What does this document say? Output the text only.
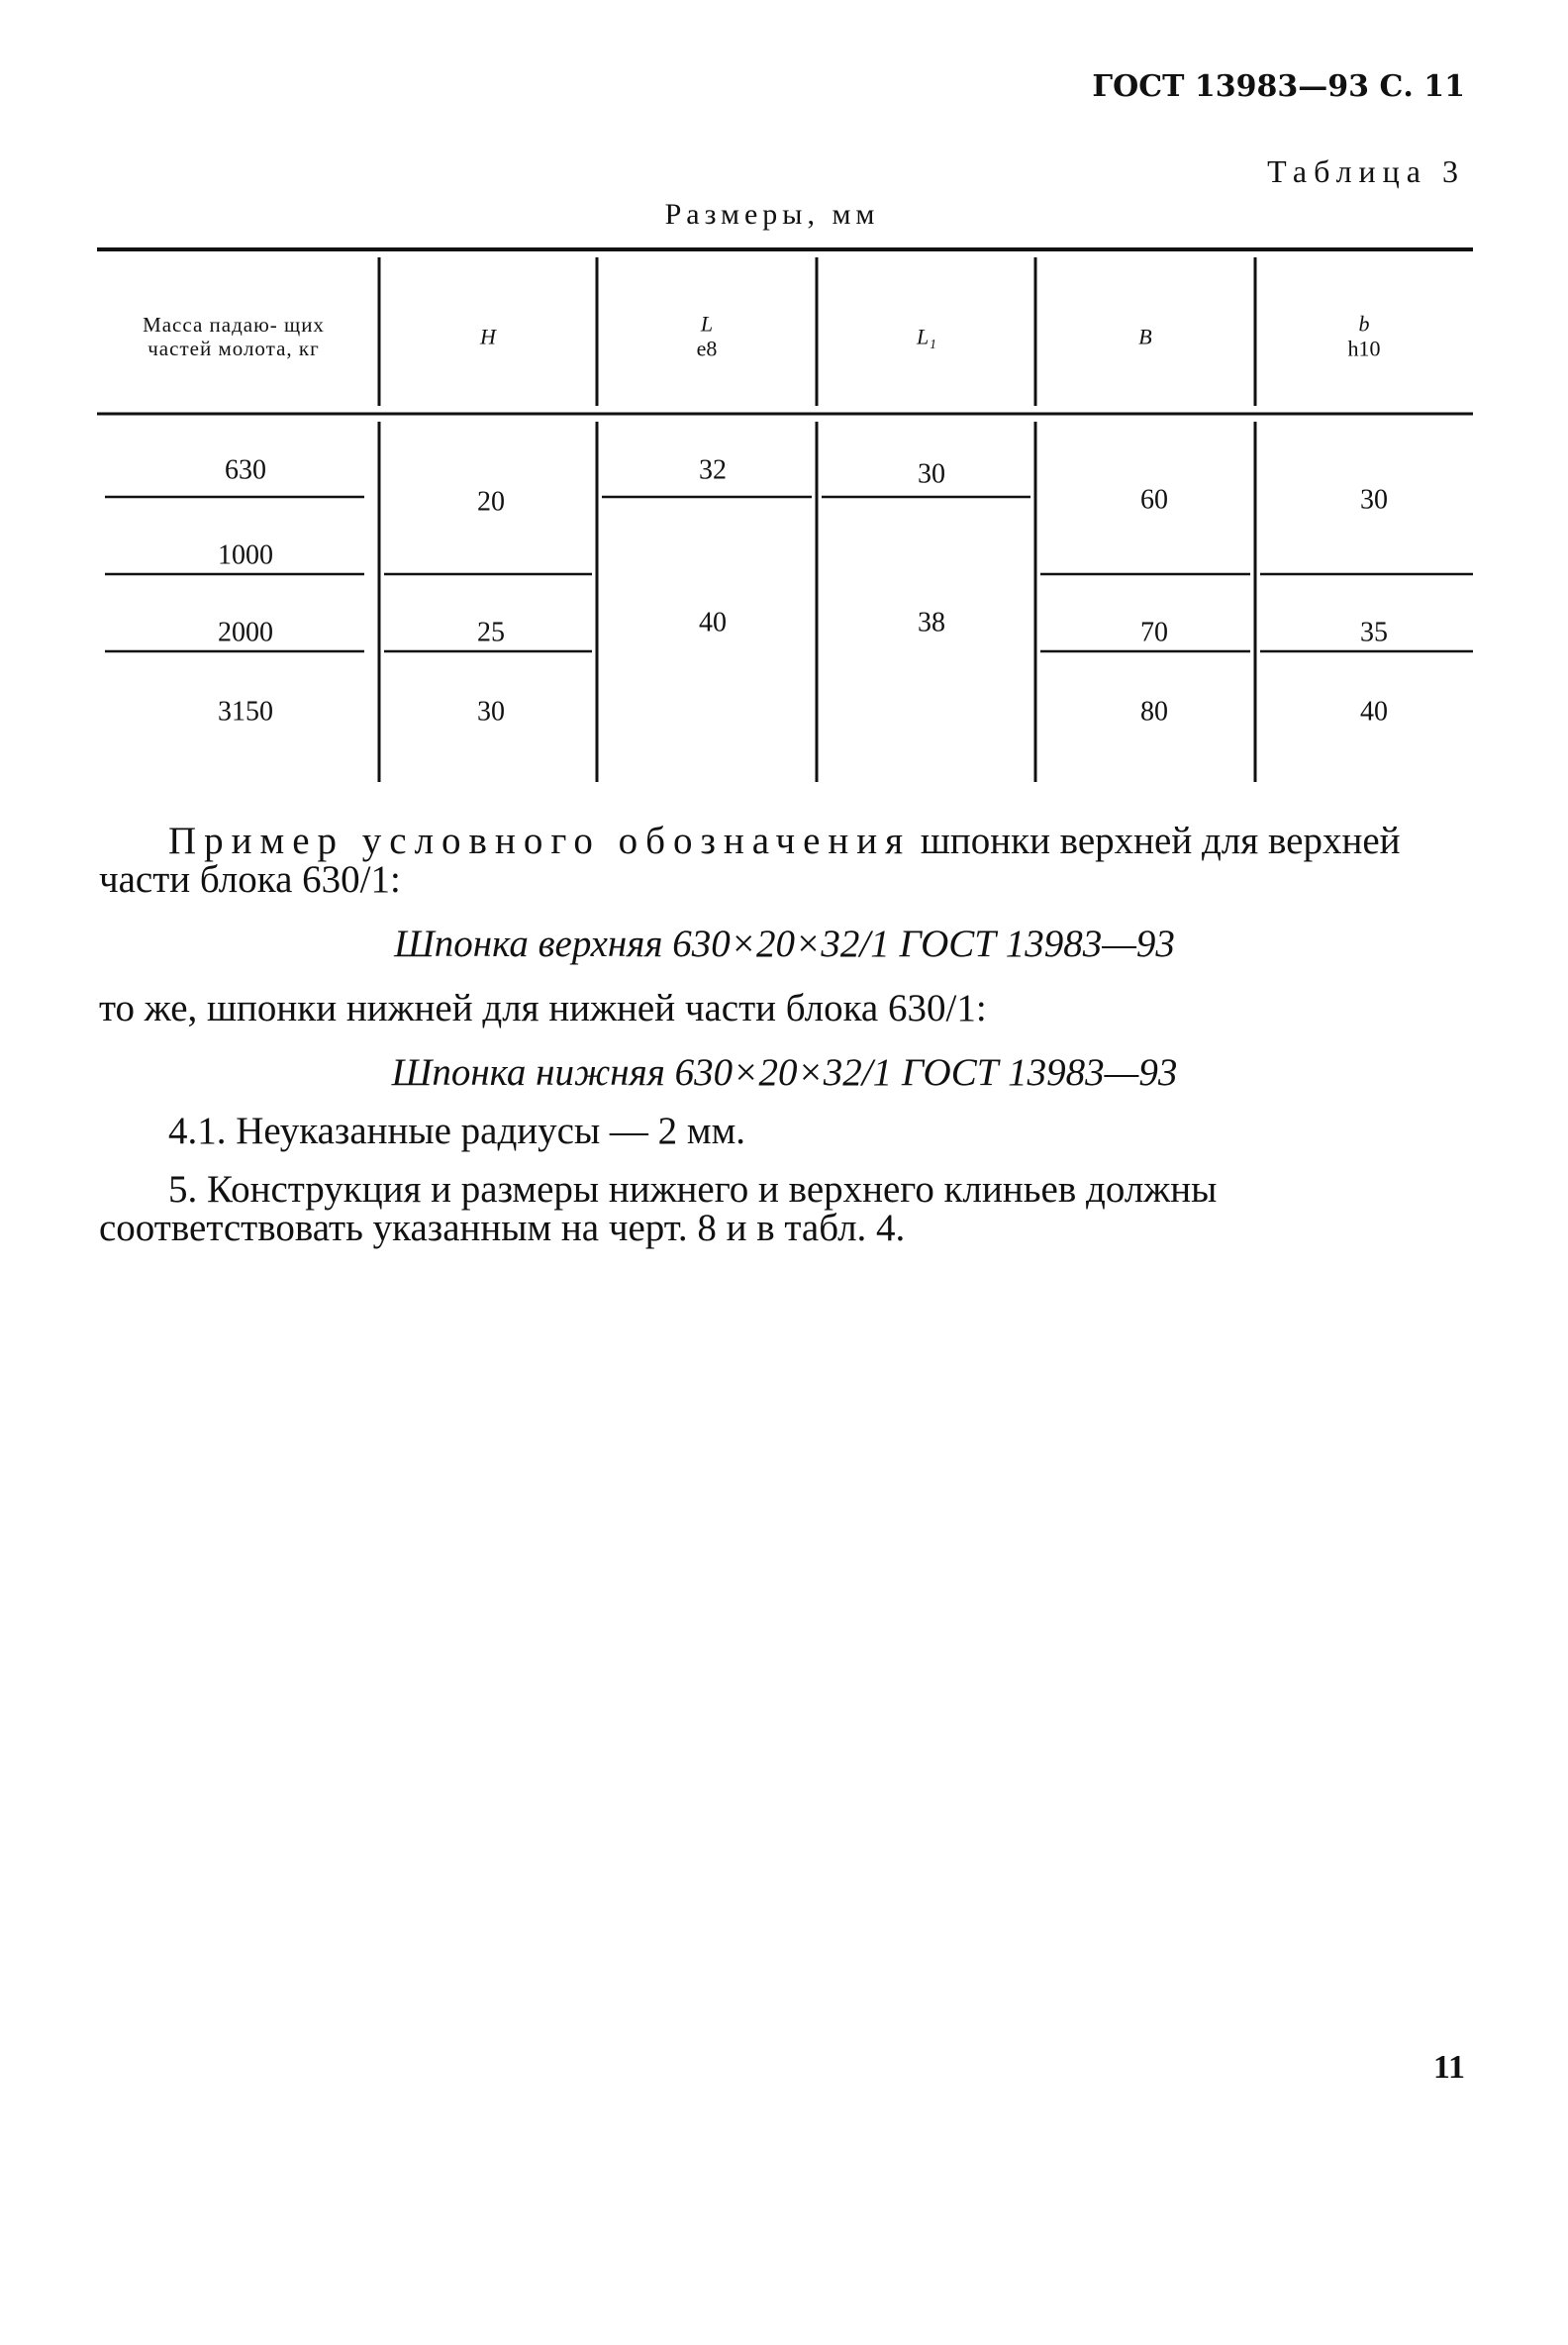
ГОСТ 13983—93 С. 11
Таблица 3
Размеры, мм
Масса падаю- щих частей молота, кг	H
L
e8
L₁	B
b
h10
630
1000
2000
3150
20
25
30
32
40
30
38
60
70
80
30
35
40

Пример условного обозначения шпонки верхней для верхней части блока 630/1:

Шпонка верхняя 630×20×32/1 ГОСТ 13983—93

то же, шпонки нижней для нижней части блока 630/1:

Шпонка нижняя 630×20×32/1 ГОСТ 13983—93

4.1. Неуказанные радиусы — 2 мм.

5. Конструкция и размеры нижнего и верхнего клиньев должны соответствовать указанным на черт. 8 и в табл. 4.

11
